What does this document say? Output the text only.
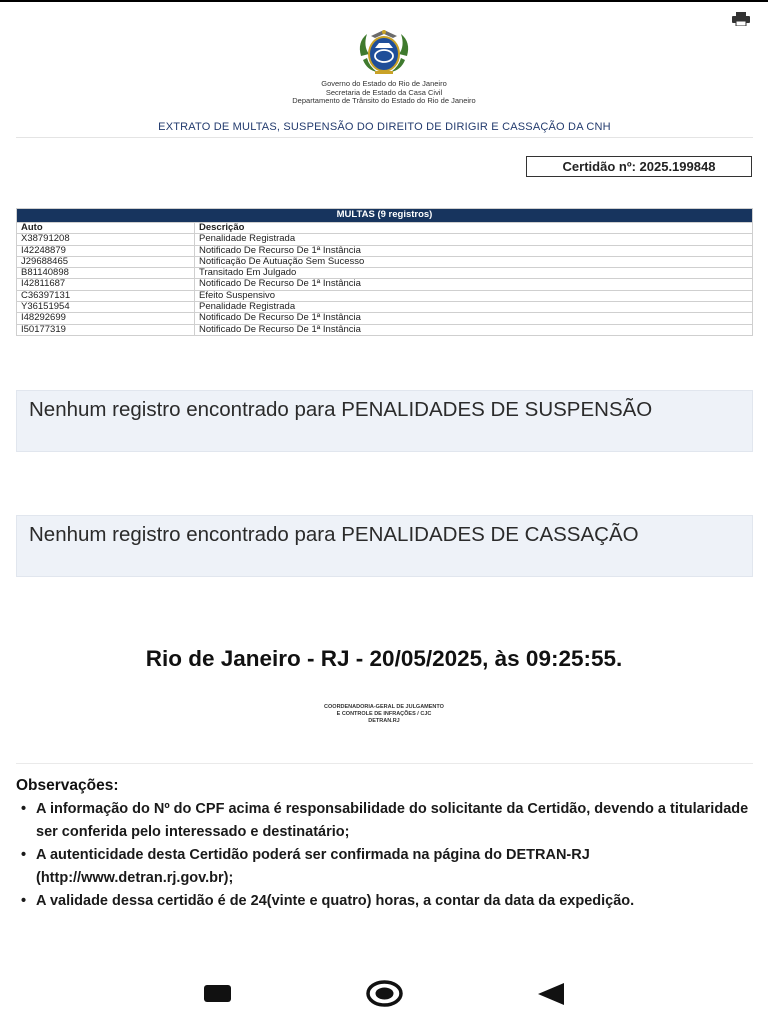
Governo do Estado do Rio de Janeiro
Secretaria de Estado da Casa Civil
Departamento de Trânsito do Estado do Rio de Janeiro
EXTRATO DE MULTAS, SUSPENSÃO DO DIREITO DE DIRIGIR E CASSAÇÃO DA CNH
Certidão nº: 2025.199848
MULTAS (9 registros)	
Auto	Descrição
X38791208	Penalidade Registrada
I42248879	Notificado De Recurso De 1ª Instância
J29688465	Notificação De Autuação Sem Sucesso
B81140898	Transitado Em Julgado
I42811687	Notificado De Recurso De 1ª Instância
C36397131	Efeito Suspensivo
Y36151954	Penalidade Registrada
I48292699	Notificado De Recurso De 1ª Instância
I50177319	Notificado De Recurso De 1ª Instância
Nenhum registro encontrado para PENALIDADES DE SUSPENSÃO
Nenhum registro encontrado para PENALIDADES DE CASSAÇÃO
Rio de Janeiro - RJ - 20/05/2025, às 09:25:55.
COORDENADORIA-GERAL DE JULGAMENTO
E CONTROLE DE INFRAÇÕES / CJC
DETRAN.RJ
Observações:
• A informação do Nº do CPF acima é responsabilidade do solicitante da Certidão, devendo a titularidade ser conferida pelo interessado e destinatário;
• A autenticidade desta Certidão poderá ser confirmada na página do DETRAN-RJ (http://www.detran.rj.gov.br);
• A validade dessa certidão é de 24(vinte e quatro) horas, a contar da data da expedição.
